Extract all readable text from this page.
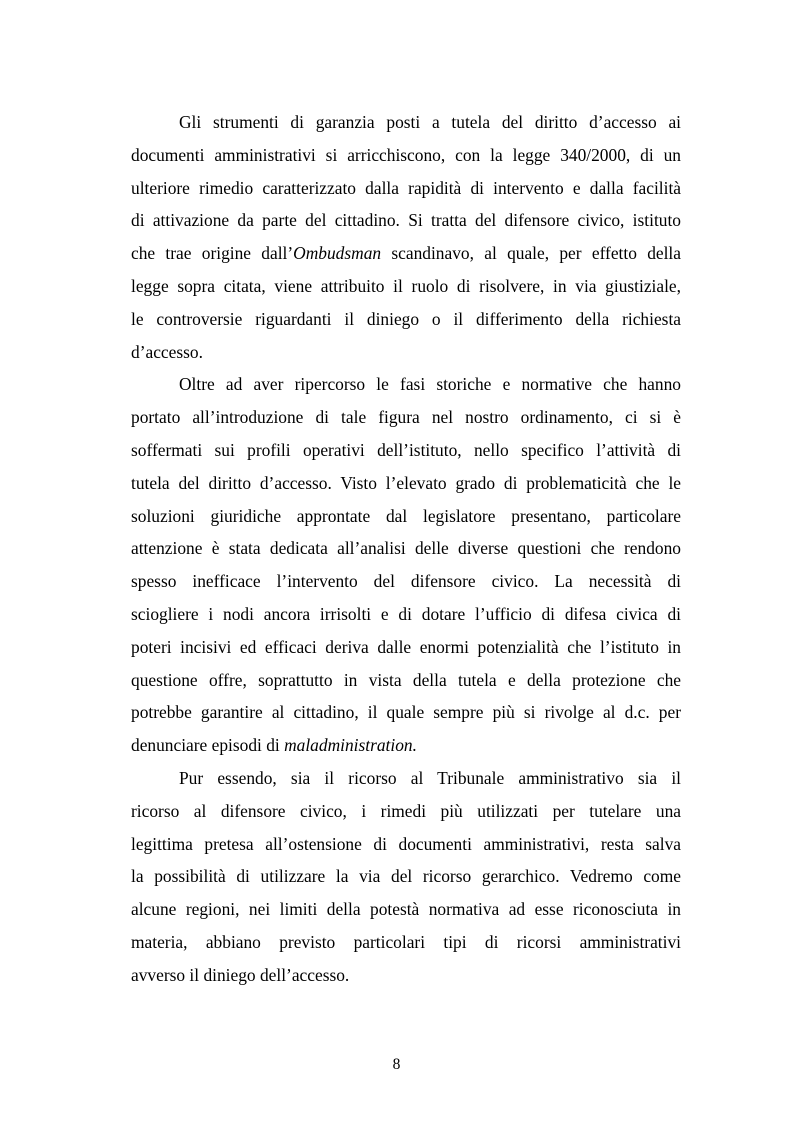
Gli strumenti di garanzia posti a tutela del diritto d’accesso ai
documenti amministrativi si arricchiscono, con la legge 340/2000, di un
ulteriore rimedio caratterizzato dalla rapidità di intervento e dalla facilità
di attivazione da parte del cittadino. Si tratta del difensore civico, istituto
che trae origine dall’Ombudsman scandinavo, al quale, per effetto della
legge sopra citata, viene attribuito il ruolo di risolvere, in via giustiziale,
le controversie riguardanti il diniego o il differimento della richiesta
d’accesso.
Oltre ad aver ripercorso le fasi storiche e normative che hanno
portato all’introduzione di tale figura nel nostro ordinamento, ci si è
soffermati sui profili operativi dell’istituto, nello specifico l’attività di
tutela del diritto d’accesso. Visto l’elevato grado di problematicità che le
soluzioni giuridiche approntate dal legislatore presentano, particolare
attenzione è stata dedicata all’analisi delle diverse questioni che rendono
spesso inefficace l’intervento del difensore civico. La necessità di
sciogliere i nodi ancora irrisolti e di dotare l’ufficio di difesa civica di
poteri incisivi ed efficaci deriva dalle enormi potenzialità che l’istituto in
questione offre, soprattutto in vista della tutela e della protezione che
potrebbe garantire al cittadino, il quale sempre più si rivolge al d.c. per
denunciare episodi di maladministration.
Pur essendo, sia il ricorso al Tribunale amministrativo sia il
ricorso al difensore civico, i rimedi più utilizzati per tutelare una
legittima pretesa all’ostensione di documenti amministrativi, resta salva
la possibilità di utilizzare la via del ricorso gerarchico. Vedremo come
alcune regioni, nei limiti della potestà normativa ad esse riconosciuta in
materia, abbiano previsto particolari tipi di ricorsi amministrativi
avverso il diniego dell’accesso.
8
